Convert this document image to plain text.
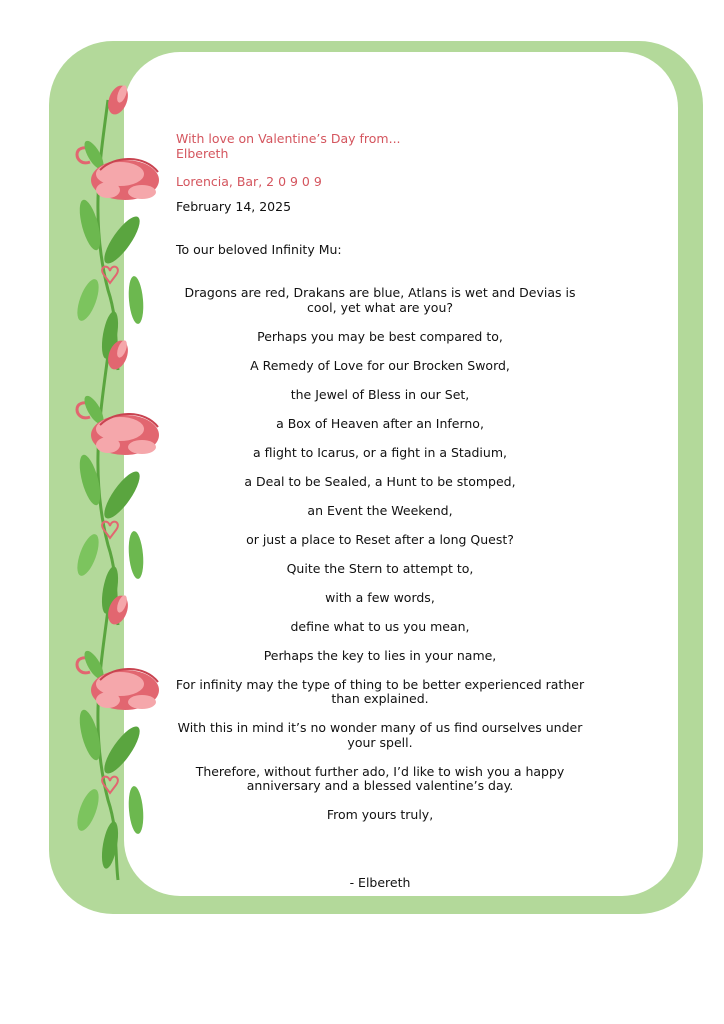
With love on Valentine’s Day from...
Elbereth
Lorencia, Bar, 2 0 9 0 9
February 14, 2025
To our beloved Infinity Mu:

Dragons are red, Drakans are blue, Atlans is wet and Devias is cool, yet what are you?

Perhaps you may be best compared to,

A Remedy of Love for our Brocken Sword,

the Jewel of Bless in our Set,

a Box of Heaven after an Inferno,

a flight to Icarus, or a fight in a Stadium,

a Deal to be Sealed, a Hunt to be stomped,

an Event the Weekend,

or just a place to Reset after a long Quest?

Quite the Stern to attempt to,

with a few words,

define what to us you mean,

Perhaps the key to lies in your name,

For infinity may the type of thing to be better experienced rather than explained.

With this in mind it’s no wonder many of us find ourselves under your spell.

Therefore, without further ado, I’d like to wish you a happy anniversary and a blessed valentine’s day.

From yours truly,

- Elbereth
